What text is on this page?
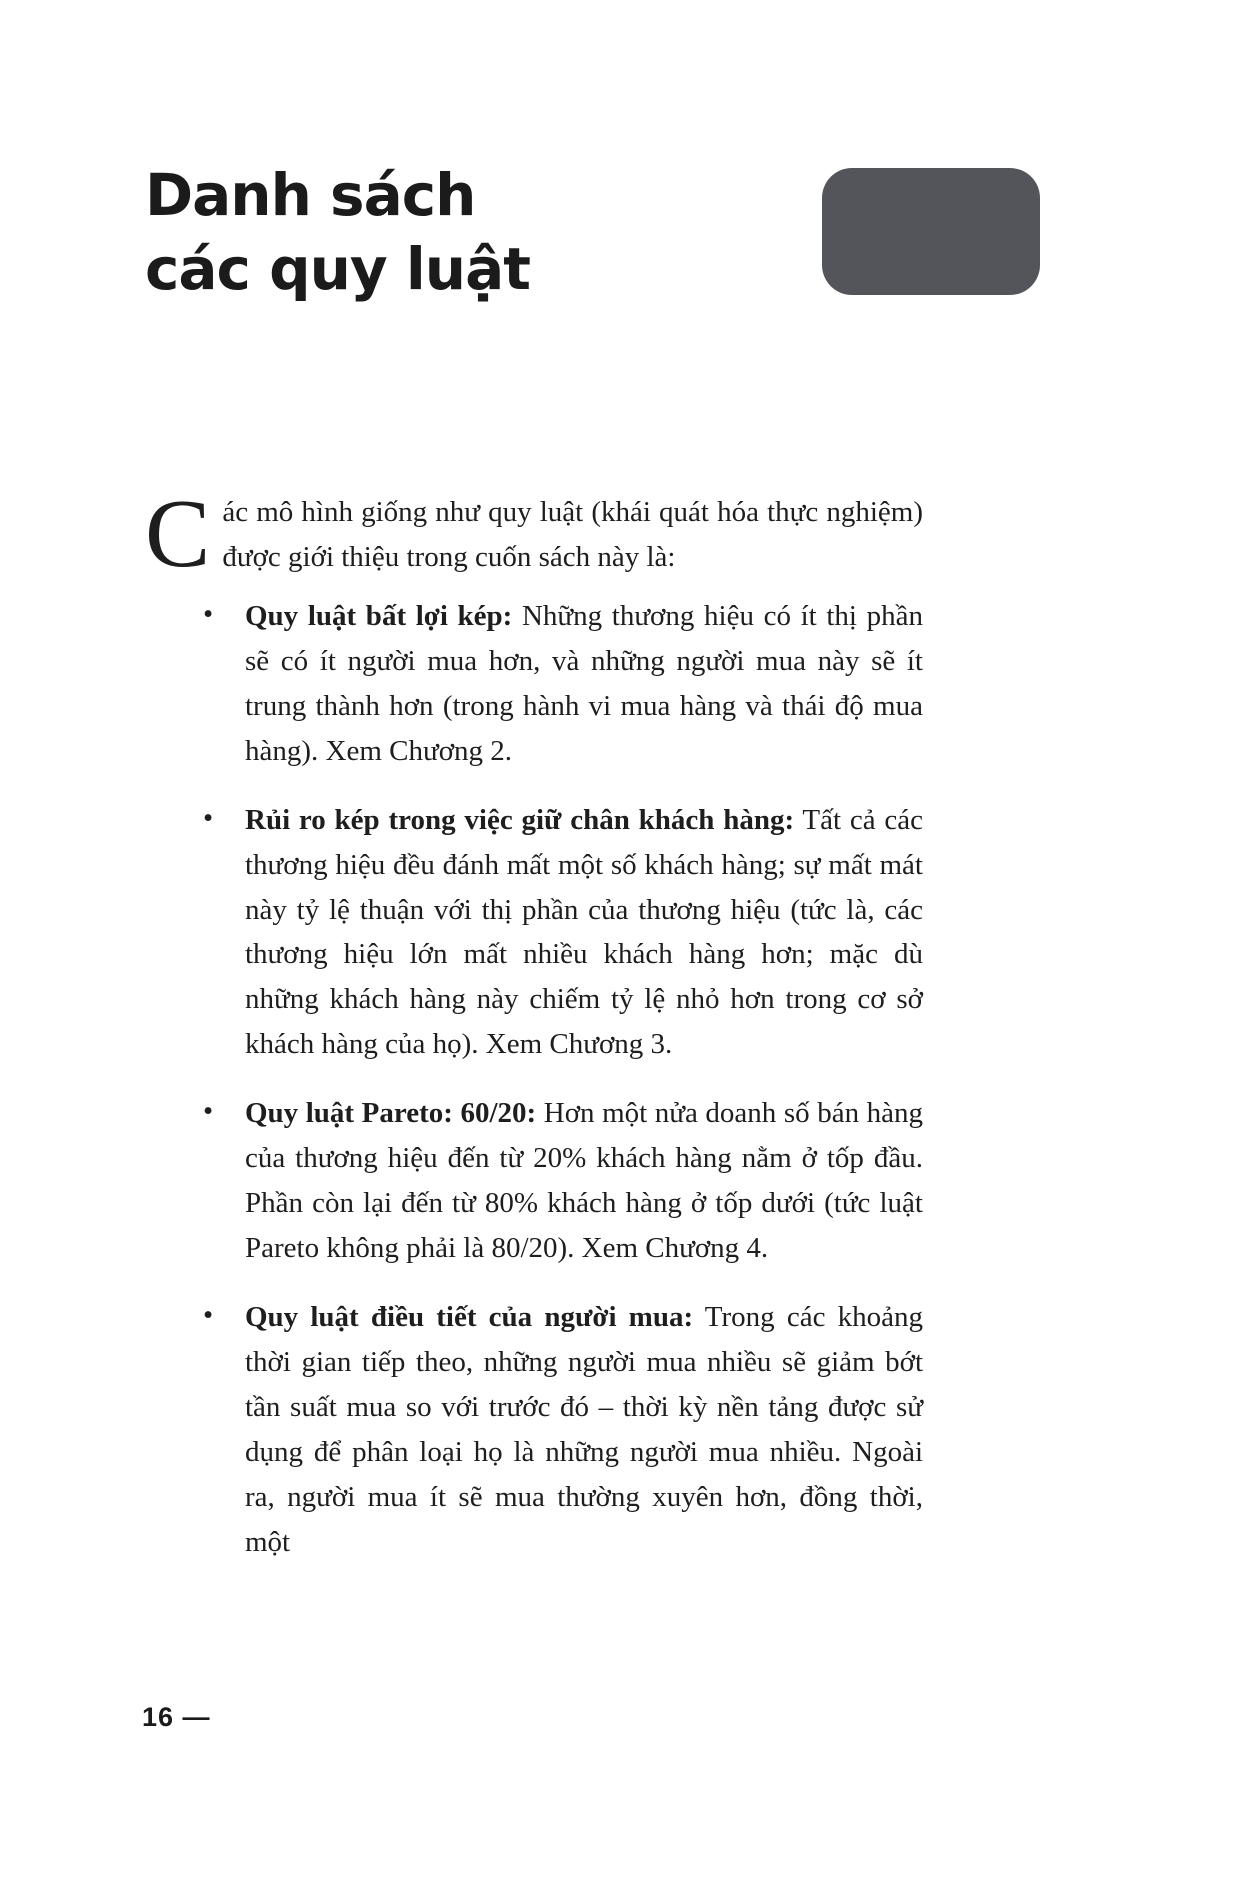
Danh sách
các quy luật

Các mô hình giống như quy luật (khái quát hóa thực nghiệm) được giới thiệu trong cuốn sách này là:

• Quy luật bất lợi kép: Những thương hiệu có ít thị phần sẽ có ít người mua hơn, và những người mua này sẽ ít trung thành hơn (trong hành vi mua hàng và thái độ mua hàng). Xem Chương 2.
• Rủi ro kép trong việc giữ chân khách hàng: Tất cả các thương hiệu đều đánh mất một số khách hàng; sự mất mát này tỷ lệ thuận với thị phần của thương hiệu (tức là, các thương hiệu lớn mất nhiều khách hàng hơn; mặc dù những khách hàng này chiếm tỷ lệ nhỏ hơn trong cơ sở khách hàng của họ). Xem Chương 3.
• Quy luật Pareto: 60/20: Hơn một nửa doanh số bán hàng của thương hiệu đến từ 20% khách hàng nằm ở tốp đầu. Phần còn lại đến từ 80% khách hàng ở tốp dưới (tức luật Pareto không phải là 80/20). Xem Chương 4.
• Quy luật điều tiết của người mua: Trong các khoảng thời gian tiếp theo, những người mua nhiều sẽ giảm bớt tần suất mua so với trước đó – thời kỳ nền tảng được sử dụng để phân loại họ là những người mua nhiều. Ngoài ra, người mua ít sẽ mua thường xuyên hơn, đồng thời, một
16 —
